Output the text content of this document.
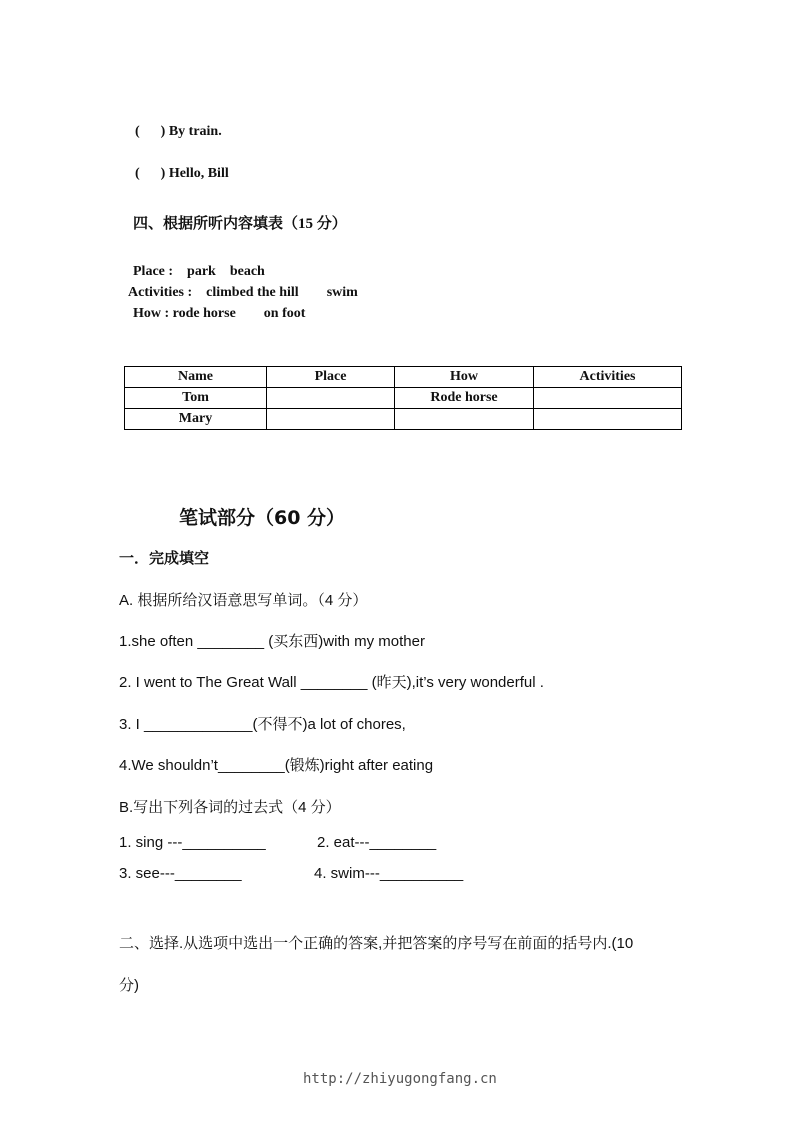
(      ) By train.

(      ) Hello, Bill

四、根据所听内容填表（15 分）
Place :    park    beach
Activities :    climbed the hill        swim
How : rode horse        on foot
Name	Place	How	Activities
Tom		Rode horse	
Mary			
笔试部分（60 分）
一．完成填空
A. 根据所给汉语意思写单词。（4 分）
1.she often ________ (买东西)with my mother
2. I went to The Great Wall ________ (昨天),it’s very wonderful .
3. I _____________(不得不)a lot of chores,
4.We shouldn’t________(锻炼)right after eating
B.写出下列各词的过去式（4 分）
1. sing ---__________	2. eat---________
3. see---________	4. swim---__________
二、选择.从选项中选出一个正确的答案,并把答案的序号写在前面的括号内.(10
分)
http://zhiyugongfang.cn
